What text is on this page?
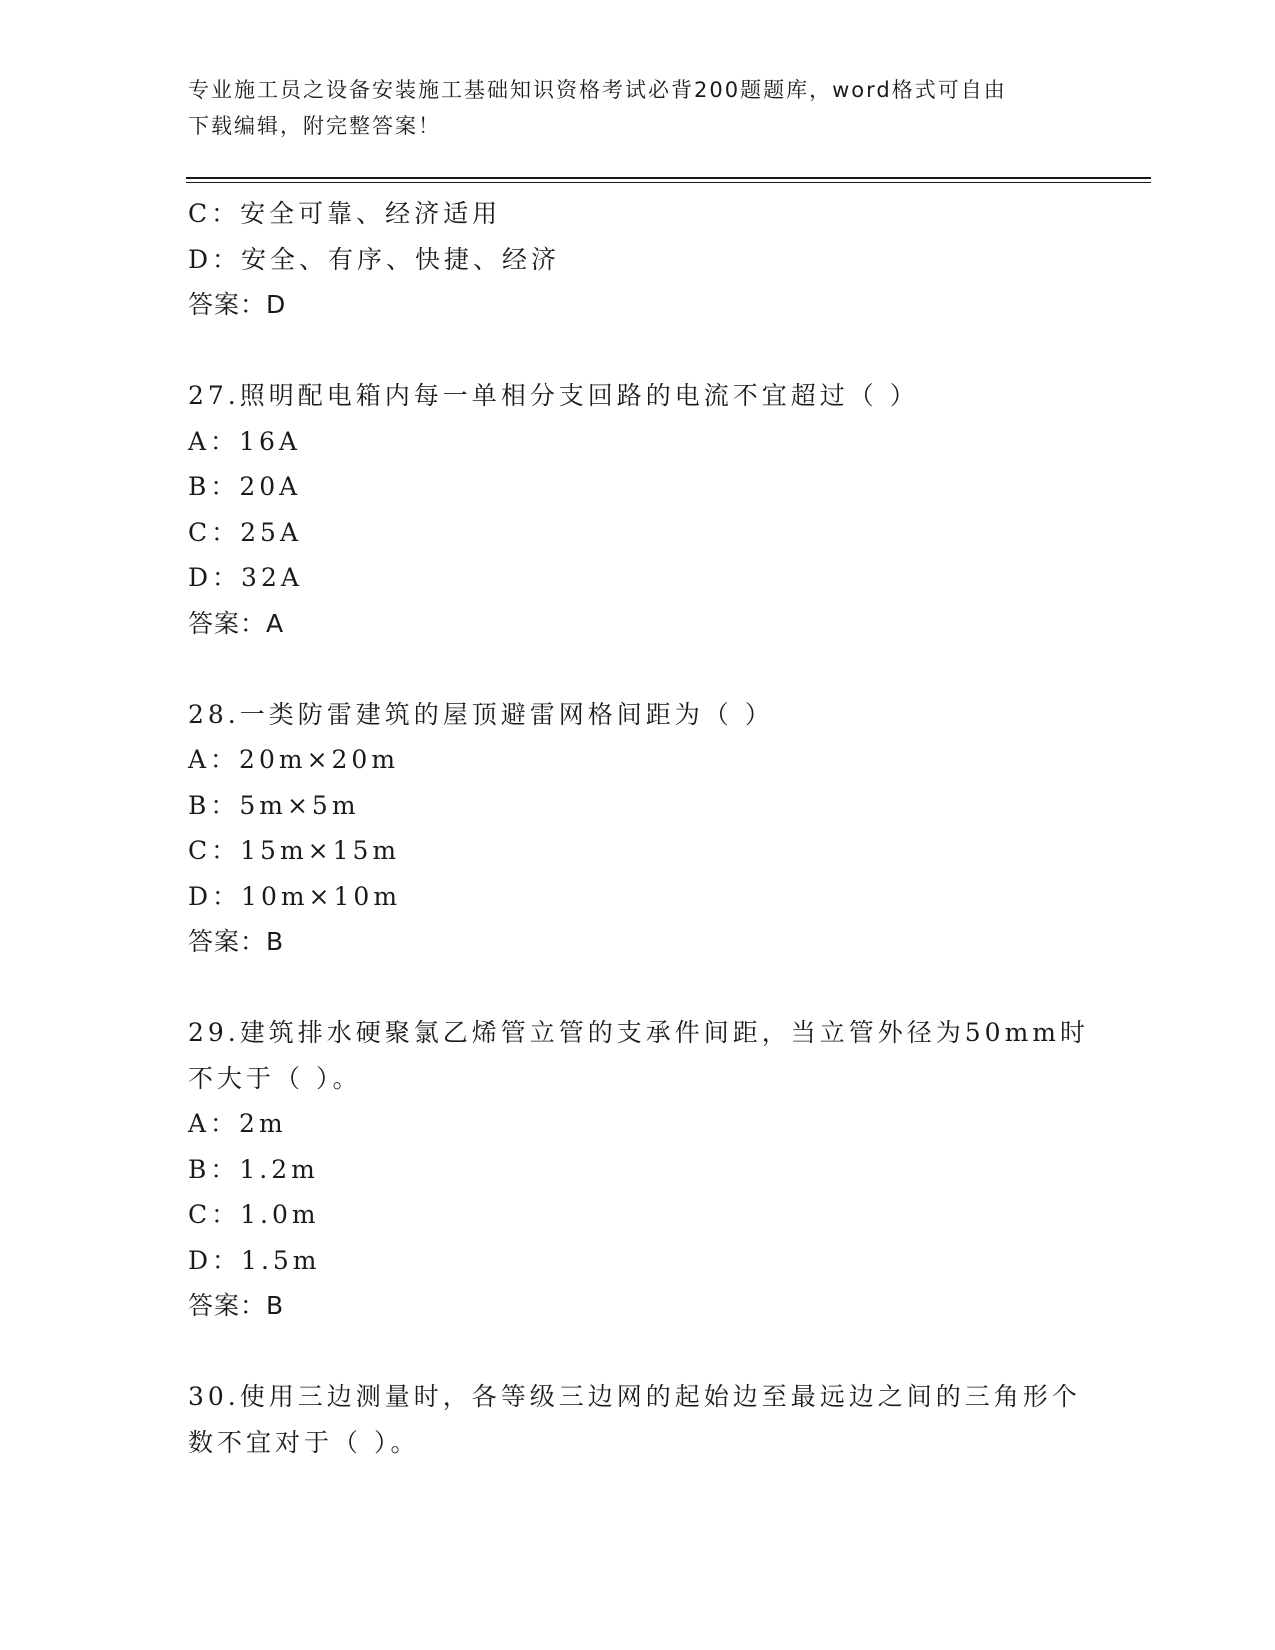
专业施工员之设备安装施工基础知识资格考试必背200题题库，word格式可自由
下载编辑，附完整答案！
C：安全可靠、经济适用
D：安全、有序、快捷、经济
答案：D
27.照明配电箱内每一单相分支回路的电流不宜超过（ ）
A：16A
B：20A
C：25A
D：32A
答案：A
28.一类防雷建筑的屋顶避雷网格间距为（ ）
A：20m×20m
B：5m×5m
C：15m×15m
D：10m×10m
答案：B
29.建筑排水硬聚氯乙烯管立管的支承件间距，当立管外径为50mm时
不大于（ ）。
A：2m
B：1.2m
C：1.0m
D：1.5m
答案：B
30.使用三边测量时，各等级三边网的起始边至最远边之间的三角形个
数不宜对于（ ）。
